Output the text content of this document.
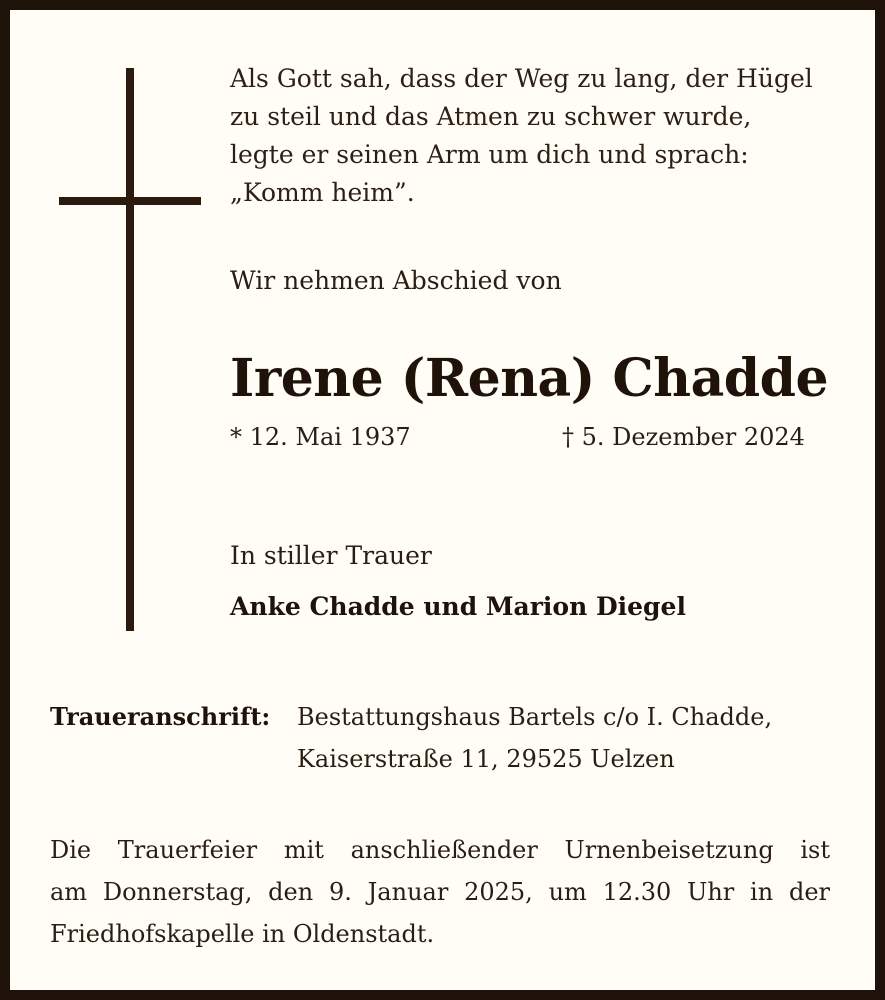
Als Gott sah, dass der Weg zu lang, der Hügel
zu steil und das Atmen zu schwer wurde,
legte er seinen Arm um dich und sprach:
„Komm heim”.
Wir nehmen Abschied von
Irene (Rena) Chadde
* 12. Mai 1937	† 5. Dezember 2024
In stiller Trauer
Anke Chadde und Marion Diegel
Traueranschrift: Bestattungshaus Bartels c/o I. Chadde,
Kaiserstraße 11, 29525 Uelzen
Die Trauerfeier mit anschließender Urnenbeisetzung ist
am Donnerstag, den 9. Januar 2025, um 12.30 Uhr in der
Friedhofskapelle in Oldenstadt.
